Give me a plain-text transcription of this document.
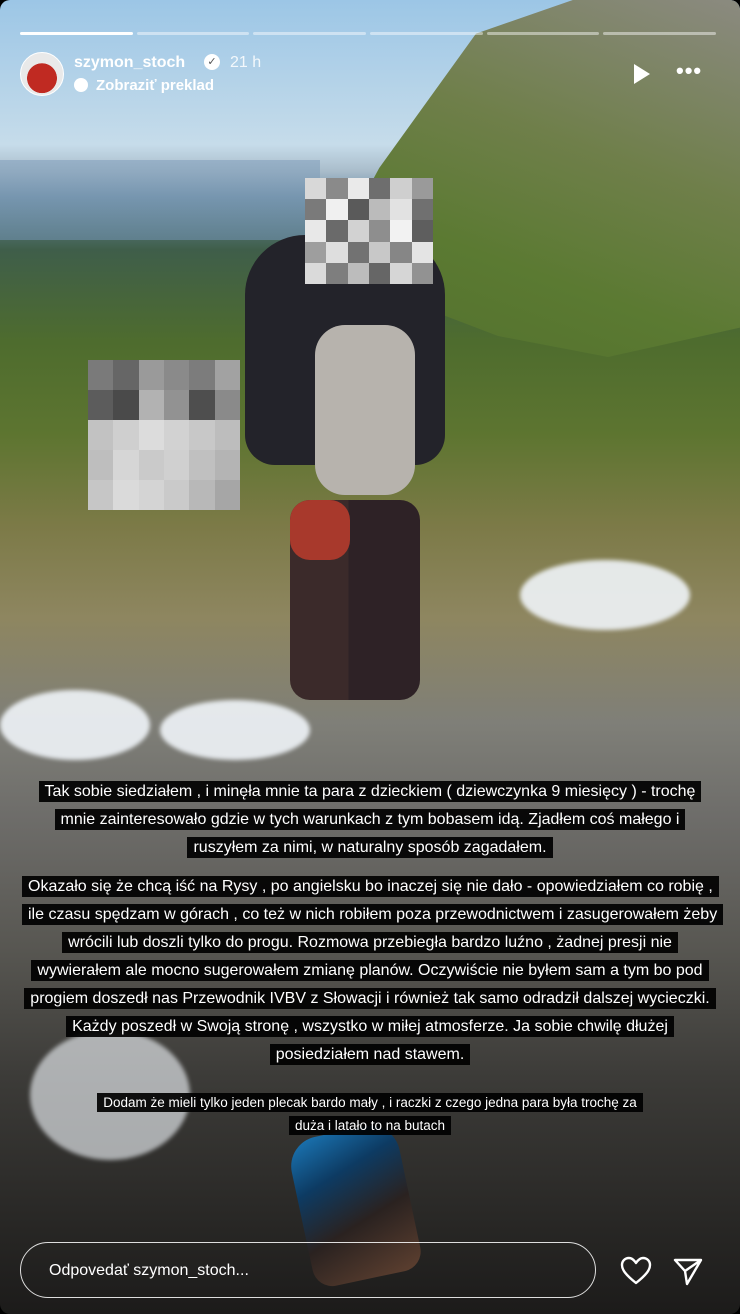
szymon_stoch	✓ 21 h
Zobraziť preklad
•••
Tak sobie siedziałem , i minęła mnie ta para z dzieckiem ( dziewczynka 9 miesięcy ) - trochę mnie zainteresowało gdzie w tych warunkach z tym bobasem idą. Zjadłem coś małego i ruszyłem za nimi, w naturalny sposób zagadałem.
Okazało się że chcą iść na Rysy , po angielsku bo inaczej się nie dało - opowiedziałem co robię , ile czasu spędzam w górach , co też w nich robiłem poza przewodnictwem i zasugerowałem żeby wrócili lub doszli tylko do progu. Rozmowa przebiegła bardzo luźno , żadnej presji nie wywierałem ale mocno sugerowałem zmianę planów. Oczywiście nie byłem sam a tym bo pod progiem doszedł nas Przewodnik IVBV z Słowacji i również tak samo odradził dalszej wycieczki. Każdy poszedł w Swoją stronę , wszystko w miłej atmosferze. Ja sobie chwilę dłużej posiedziałem nad stawem.
Dodam że mieli tylko jeden plecak bardo mały , i raczki z czego jedna para była trochę za duża i latało to na butach
Odpovedať szymon_stoch...
